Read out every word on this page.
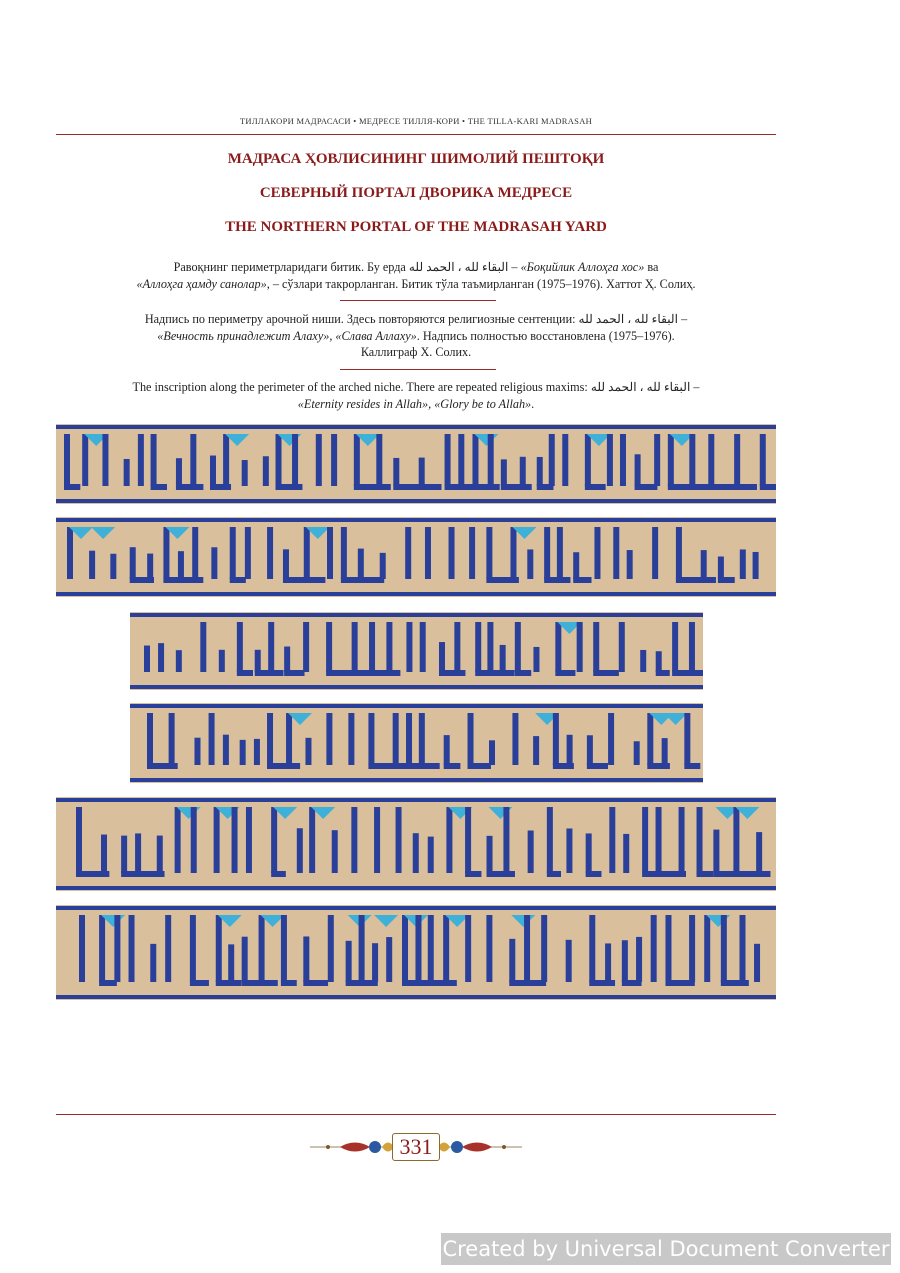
ТИЛЛАКОРИ МАДРАСАСИ • МЕДРЕСЕ ТИЛЛЯ-КОРИ • THE TILLA-KARI MADRASAH
МАДРАСА ҲОВЛИСИНИНГ ШИМОЛИЙ ПЕШТОҚИ
СЕВЕРНЫЙ ПОРТАЛ ДВОРИКА МЕДРЕСЕ
THE NORTHERN PORTAL OF THE MADRASAH YARD
Равоқнинг периметрларидаги битик. Бу ерда البقاء لله ، الحمد لله – «Боқийлик Аллоҳга хос» ва
«Аллоҳга ҳамду санолар», – сўзлари такрорланган. Битик тўла таъмирланган (1975–1976). Хаттот Ҳ. Солиҳ.
Надпись по периметру арочной ниши. Здесь повторяются религиозные сентенции: البقاء لله ، الحمد لله –
«Вечность принадлежит Алаху», «Слава Аллаху». Надпись полностью восстановлена (1975–1976).
Каллиграф Х. Солих.
The inscription along the perimeter of the arched niche. There are repeated religious maxims: البقاء لله ، الحمد لله –
«Eternity resides in Allah», «Glory be to Allah».
331
Created by Universal Document Converter
